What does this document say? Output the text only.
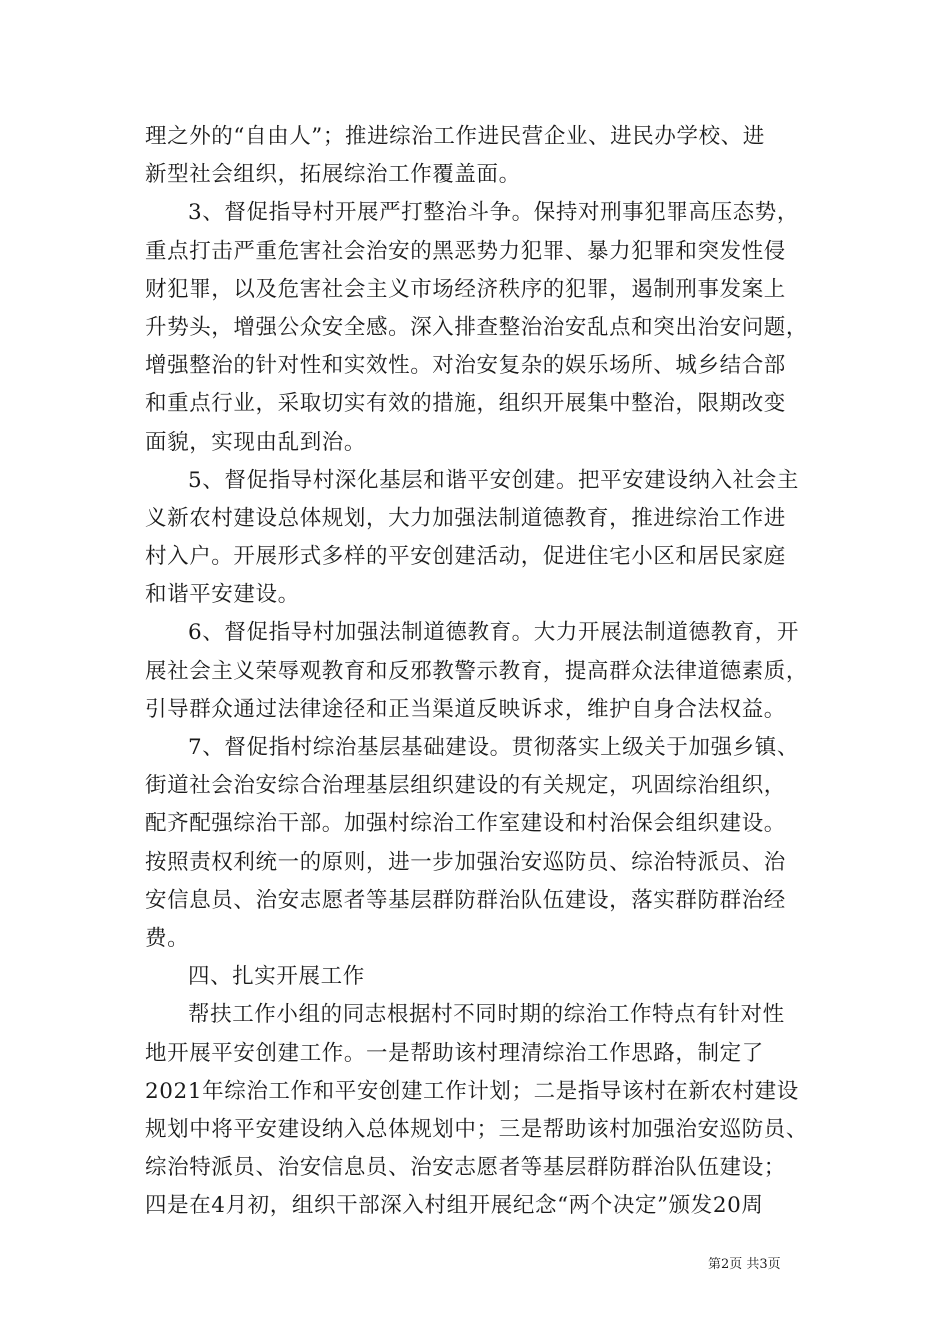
理之外的“自由人”；推进综治工作进民营企业、进民办学校、进
新型社会组织，拓展综治工作覆盖面。
3、督促指导村开展严打整治斗争。保持对刑事犯罪高压态势，
重点打击严重危害社会治安的黑恶势力犯罪、暴力犯罪和突发性侵
财犯罪，以及危害社会主义市场经济秩序的犯罪，遏制刑事发案上
升势头，增强公众安全感。深入排查整治治安乱点和突出治安问题，
增强整治的针对性和实效性。对治安复杂的娱乐场所、城乡结合部
和重点行业，采取切实有效的措施，组织开展集中整治，限期改变
面貌，实现由乱到治。
5、督促指导村深化基层和谐平安创建。把平安建设纳入社会主
义新农村建设总体规划，大力加强法制道德教育，推进综治工作进
村入户。开展形式多样的平安创建活动，促进住宅小区和居民家庭
和谐平安建设。
6、督促指导村加强法制道德教育。大力开展法制道德教育，开
展社会主义荣辱观教育和反邪教警示教育，提高群众法律道德素质，
引导群众通过法律途径和正当渠道反映诉求，维护自身合法权益。
7、督促指村综治基层基础建设。贯彻落实上级关于加强乡镇、
街道社会治安综合治理基层组织建设的有关规定，巩固综治组织，
配齐配强综治干部。加强村综治工作室建设和村治保会组织建设。
按照责权利统一的原则，进一步加强治安巡防员、综治特派员、治
安信息员、治安志愿者等基层群防群治队伍建设，落实群防群治经
费。
四、扎实开展工作
帮扶工作小组的同志根据村不同时期的综治工作特点有针对性
地开展平安创建工作。一是帮助该村理清综治工作思路，制定了
2021年综治工作和平安创建工作计划；二是指导该村在新农村建设
规划中将平安建设纳入总体规划中；三是帮助该村加强治安巡防员、
综治特派员、治安信息员、治安志愿者等基层群防群治队伍建设；
四是在4月初，组织干部深入村组开展纪念“两个决定”颁发20周
第2页 共3页
